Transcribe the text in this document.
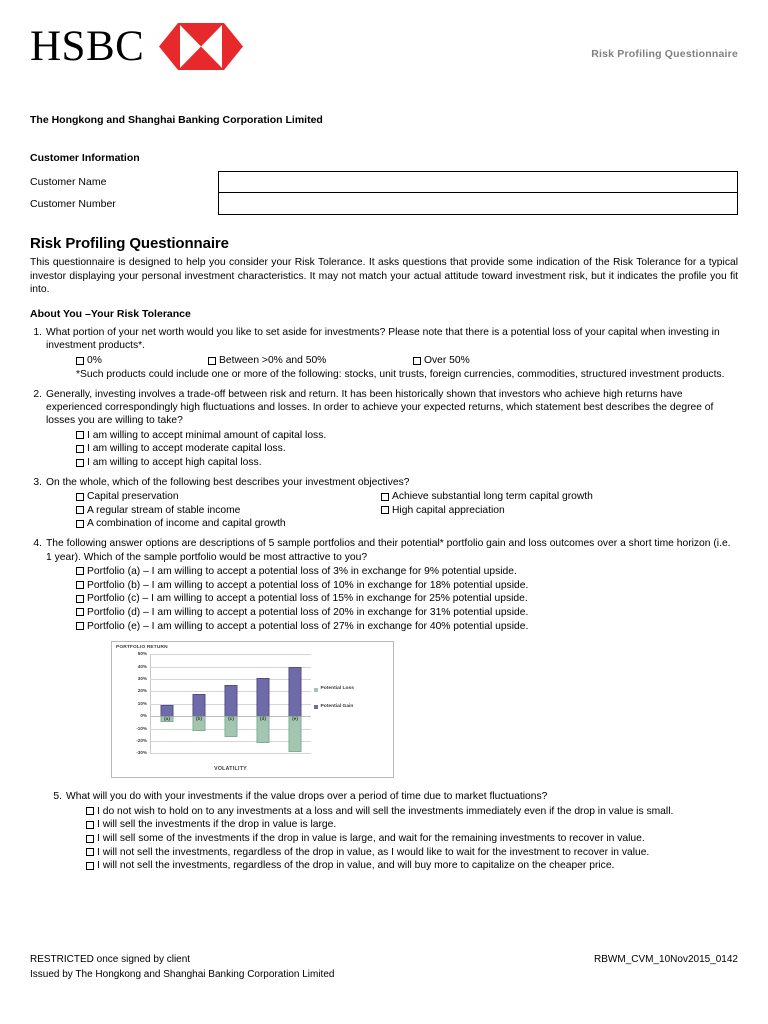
HSBC	Risk Profiling Questionnaire
The Hongkong and Shanghai Banking Corporation Limited
Customer Information
Customer Name
Customer Number
Risk Profiling Questionnaire
This questionnaire is designed to help you consider your Risk Tolerance. It asks questions that provide some indication of the Risk Tolerance for a typical investor displaying your personal investment characteristics. It may not match your actual attitude toward investment risk, but it indicates the profile you fit into.
About You –Your Risk Tolerance
1. What portion of your net worth would you like to set aside for investments? Please note that there is a potential loss of your capital when investing in investment products*.
0%	Between >0% and 50%	Over 50%
*Such products could include one or more of the following: stocks, unit trusts, foreign currencies, commodities, structured investment products.
2. Generally, investing involves a trade-off between risk and return. It has been historically shown that investors who achieve high returns have experienced correspondingly high fluctuations and losses. In order to achieve your expected returns, which statement best describes the degree of losses you are willing to take?
I am willing to accept minimal amount of capital loss.
I am willing to accept moderate capital loss.
I am willing to accept high capital loss.
3. On the whole, which of the following best describes your investment objectives?
Capital preservation
A regular stream of stable income
A combination of income and capital growth
Achieve substantial long term capital growth
High capital appreciation
4. The following answer options are descriptions of 5 sample portfolios and their potential* portfolio gain and loss outcomes over a short time horizon (i.e. 1 year). Which of the sample portfolio would be most attractive to you?
Portfolio (a) – I am willing to accept a potential loss of 3% in exchange for 9% potential upside.
Portfolio (b) – I am willing to accept a potential loss of 10% in exchange for 18% potential upside.
Portfolio (c) – I am willing to accept a potential loss of 15% in exchange for 25% potential upside.
Portfolio (d) – I am willing to accept a potential loss of 20% in exchange for 31% potential upside.
Portfolio (e) – I am willing to accept a potential loss of 27% in exchange for 40% potential upside.
PORTFOLIO RETURN
50%
40%
30%
20%
10%
0%
-10%
-20%
-30%
(a)	(b)	(c)	(d)	(e)
Potential Loss
Potential Gain
VOLATILITY
5. What will you do with your investments if the value drops over a period of time due to market fluctuations?
I do not wish to hold on to any investments at a loss and will sell the investments immediately even if the drop in value is small.
I will sell the investments if the drop in value is large.
I will sell some of the investments if the drop in value is large, and wait for the remaining investments to recover in value.
I will not sell the investments, regardless of the drop in value, as I would like to wait for the investment to recover in value.
I will not sell the investments, regardless of the drop in value, and will buy more to capitalize on the cheaper price.
RESTRICTED once signed by client
Issued by The Hongkong and Shanghai Banking Corporation Limited
RBWM_CVM_10Nov2015_0142
